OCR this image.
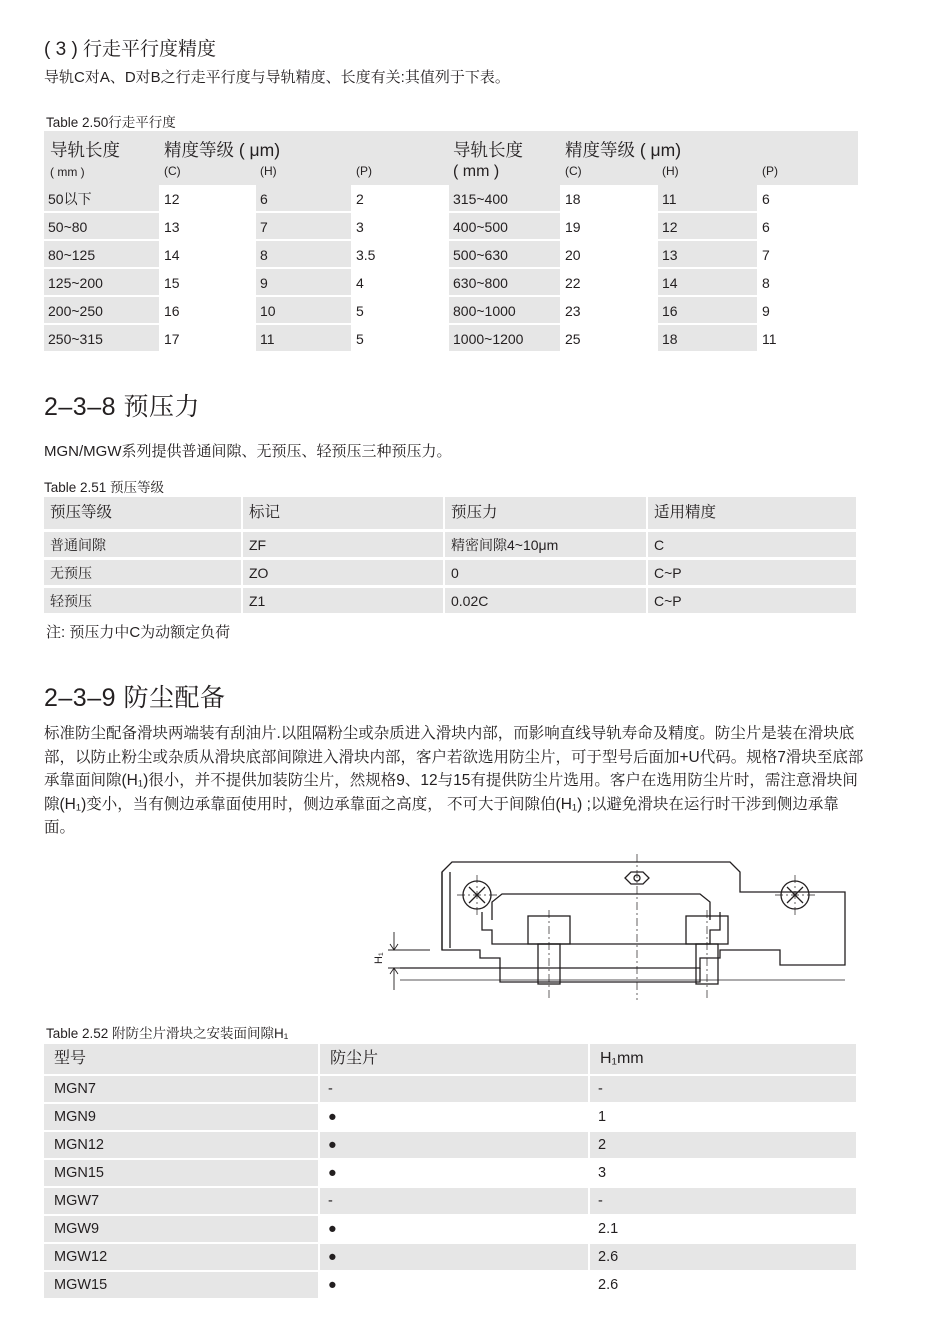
( 3 ) 行走平行度精度
导轨C对A、D对B之行走平行度与导轨精度、长度有关:其值列于下表。
Table 2.50行走平行度
导轨长度
( mm )
精度等级 ( μm)
(C)	(H)	(P)
导轨长度
( mm )
精度等级 ( μm)
(C)	(H)	(P)
50以下	12	6	2	315~400	18	11	6
50~80	13	7	3	400~500	19	12	6
80~125	14	8	3.5	500~630	20	13	7
125~200	15	9	4	630~800	22	14	8
200~250	16	10	5	800~1000	23	16	9
250~315	17	11	5	1000~1200	25	18	11
2–3–8 预压力
MGN/MGW系列提供普通间隙、无预压、轻预压三种预压力。
Table 2.51 预压等级
预压等级	标记	预压力	适用精度
普通间隙	ZF	精密间隙4~10μm	C
无预压	ZO	0	C~P
轻预压	Z1	0.02C	C~P
注: 预压力中C为动额定负荷
2–3–9 防尘配备
标准防尘配备滑块两端装有刮油片.以阻隔粉尘或杂质进入滑块内部，而影响直线导轨寿命及精度。防尘片是装在滑块底部，以防止粉尘或杂质从滑块底部间隙进入滑块内部，客户若欲选用防尘片，可于型号后面加+U代码。规格7滑块至底部承靠面间隙(H₁)很小，并不提供加装防尘片，然规格9、12与15有提供防尘片选用。客户在选用防尘片时，需注意滑块间隙(H₁)变小，当有侧边承靠面使用时，侧边承靠面之高度， 不可大于间隙伯(H₁) ;以避免滑块在运行时干涉到侧边承靠面。
H₁
Table 2.52 附防尘片滑块之安装面间隙H₁
型号	防尘片	H₁mm
MGN7	-	-
MGN9	●	1
MGN12	●	2
MGN15	●	3
MGW7	-	-
MGW9	●	2.1
MGW12	●	2.6
MGW15	●	2.6
